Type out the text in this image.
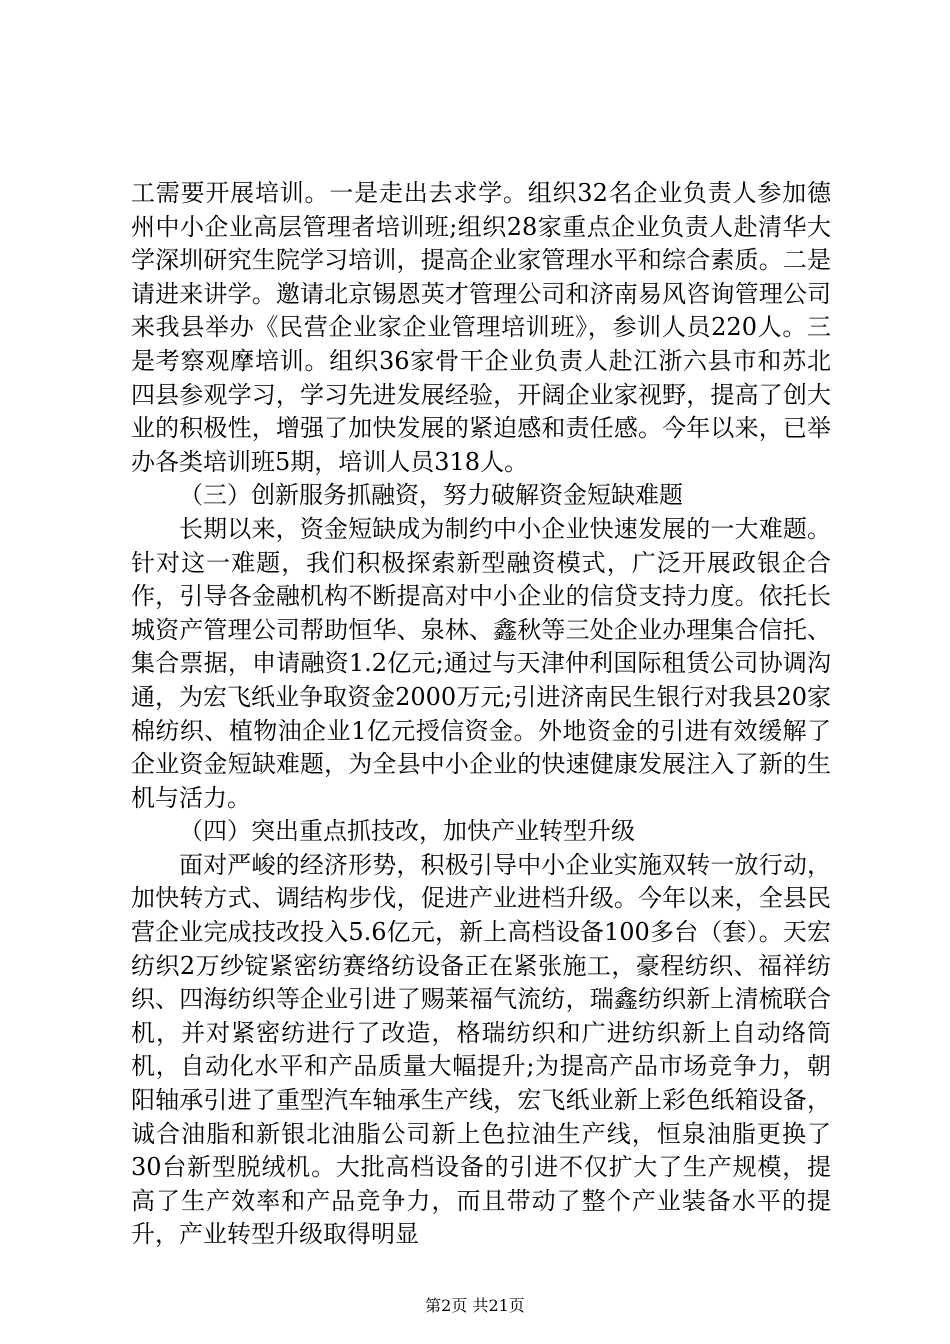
工需要开展培训。一是走出去求学。组织32名企业负责人参加德州中小企业高层管理者培训班;组织28家重点企业负责人赴清华大学深圳研究生院学习培训，提高企业家管理水平和综合素质。二是请进来讲学。邀请北京锡恩英才管理公司和济南易风咨询管理公司来我县举办《民营企业家企业管理培训班》，参训人员220人。三是考察观摩培训。组织36家骨干企业负责人赴江浙六县市和苏北四县参观学习，学习先进发展经验，开阔企业家视野，提高了创大业的积极性，增强了加快发展的紧迫感和责任感。今年以来，已举办各类培训班5期，培训人员318人。

（三）创新服务抓融资，努力破解资金短缺难题

长期以来，资金短缺成为制约中小企业快速发展的一大难题。针对这一难题，我们积极探索新型融资模式，广泛开展政银企合作，引导各金融机构不断提高对中小企业的信贷支持力度。依托长城资产管理公司帮助恒华、泉林、鑫秋等三处企业办理集合信托、集合票据，申请融资1.2亿元;通过与天津仲利国际租赁公司协调沟通，为宏飞纸业争取资金2000万元;引进济南民生银行对我县20家棉纺织、植物油企业1亿元授信资金。外地资金的引进有效缓解了企业资金短缺难题，为全县中小企业的快速健康发展注入了新的生机与活力。

（四）突出重点抓技改，加快产业转型升级

面对严峻的经济形势，积极引导中小企业实施双转一放行动，加快转方式、调结构步伐，促进产业进档升级。今年以来，全县民营企业完成技改投入5.6亿元，新上高档设备100多台（套）。天宏纺织2万纱锭紧密纺赛络纺设备正在紧张施工，豪程纺织、福祥纺织、四海纺织等企业引进了赐莱福气流纺，瑞鑫纺织新上清梳联合机，并对紧密纺进行了改造，格瑞纺织和广进纺织新上自动络筒机，自动化水平和产品质量大幅提升;为提高产品市场竞争力，朝阳轴承引进了重型汽车轴承生产线，宏飞纸业新上彩色纸箱设备，诚合油脂和新银北油脂公司新上色拉油生产线，恒泉油脂更换了30台新型脱绒机。大批高档设备的引进不仅扩大了生产规模，提高了生产效率和产品竞争力，而且带动了整个产业装备水平的提升，产业转型升级取得明显

第2页 共21页
